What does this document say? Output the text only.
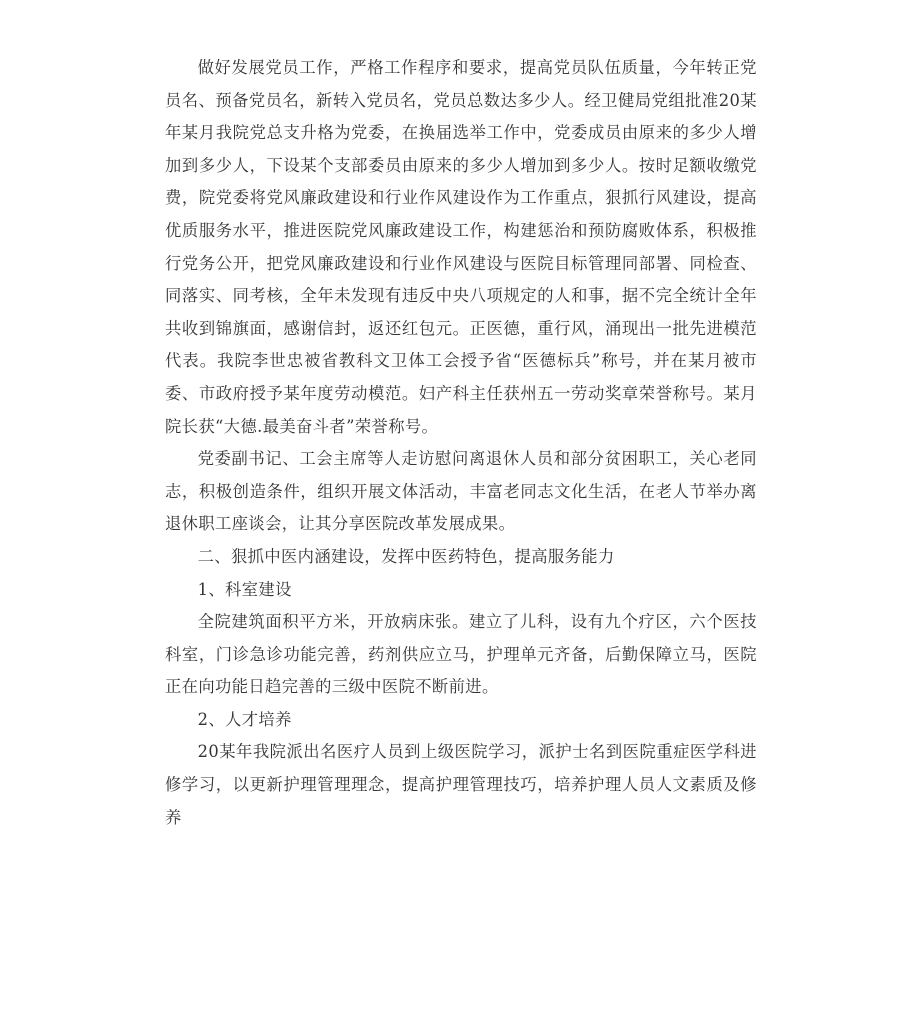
做好发展党员工作，严格工作程序和要求，提高党员队伍质量，今年转正党员名、预备党员名，新转入党员名，党员总数达多少人。经卫健局党组批准20某年某月我院党总支升格为党委，在换届选举工作中，党委成员由原来的多少人增加到多少人，下设某个支部委员由原来的多少人增加到多少人。按时足额收缴党费，院党委将党风廉政建设和行业作风建设作为工作重点，狠抓行风建设，提高优质服务水平，推进医院党风廉政建设工作，构建惩治和预防腐败体系，积极推行党务公开，把党风廉政建设和行业作风建设与医院目标管理同部署、同检查、同落实、同考核，全年未发现有违反中央八项规定的人和事，据不完全统计全年共收到锦旗面，感谢信封，返还红包元。正医德，重行风，涌现出一批先进模范代表。我院李世忠被省教科文卫体工会授予省“医德标兵”称号，并在某月被市委、市政府授予某年度劳动模范。妇产科主任获州五一劳动奖章荣誉称号。某月院长获“大德.最美奋斗者”荣誉称号。

党委副书记、工会主席等人走访慰问离退休人员和部分贫困职工，关心老同志，积极创造条件，组织开展文体活动，丰富老同志文化生活，在老人节举办离退休职工座谈会，让其分享医院改革发展成果。

二、狠抓中医内涵建设，发挥中医药特色，提高服务能力

1、科室建设

全院建筑面积平方米，开放病床张。建立了儿科，设有九个疗区，六个医技科室，门诊急诊功能完善，药剂供应立马，护理单元齐备，后勤保障立马，医院正在向功能日趋完善的三级中医院不断前进。

2、人才培养

20某年我院派出名医疗人员到上级医院学习，派护士名到医院重症医学科进修学习，以更新护理管理理念，提高护理管理技巧，培养护理人员人文素质及修养
